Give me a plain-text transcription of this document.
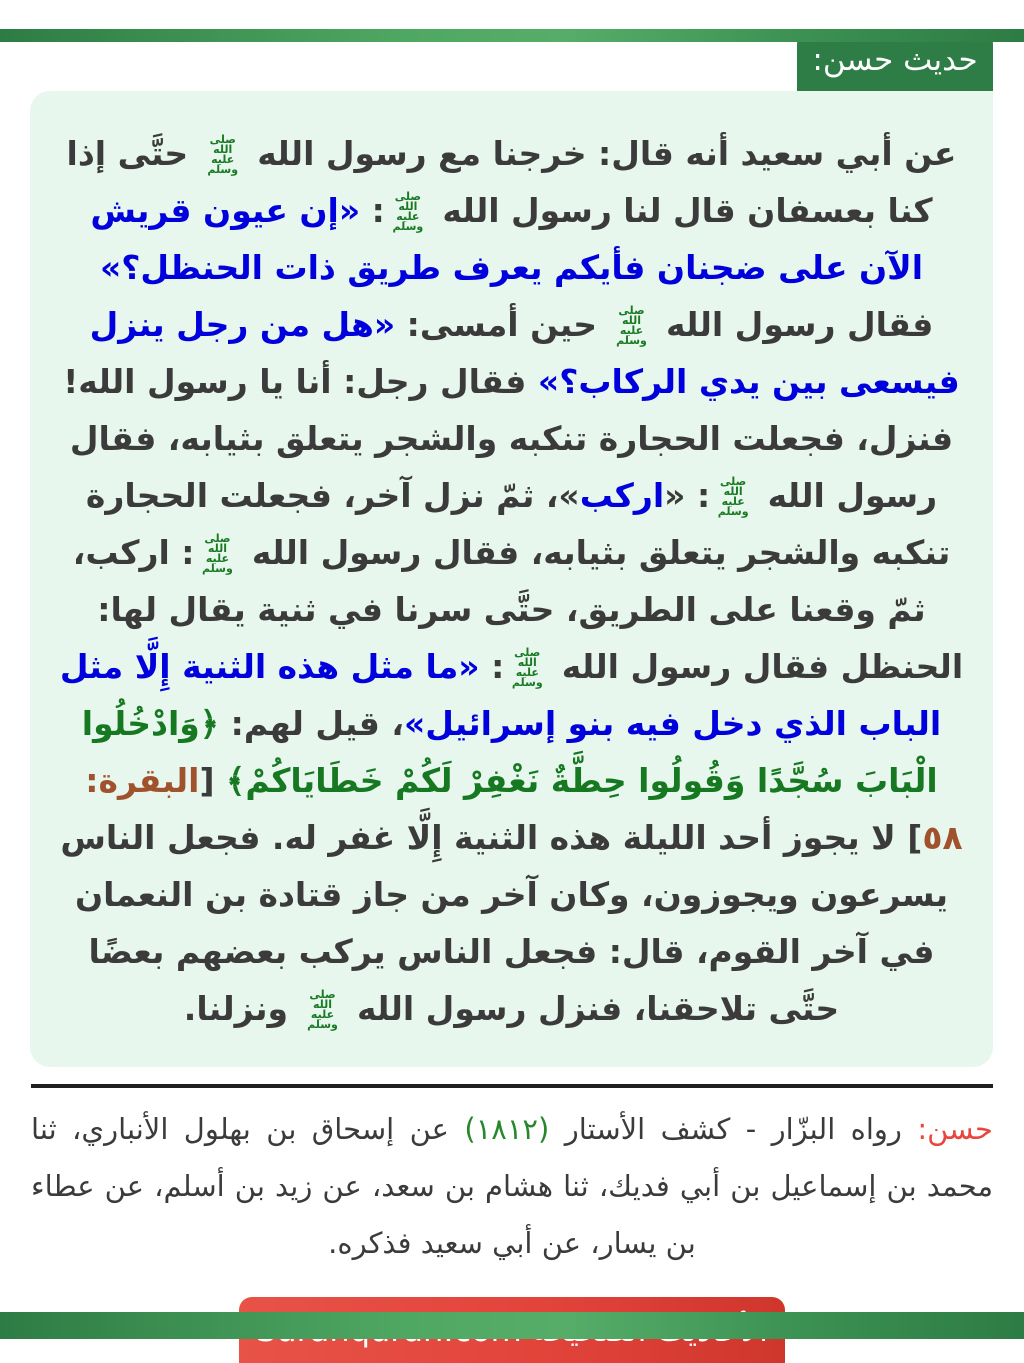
حديث حسن:

عن أبي سعيد أنه قال: خرجنا مع رسول الله صلى الله عليه وسلم حتَّى إذا كنا بعسفان قال لنا رسول الله صلى الله عليه وسلم: «إن عيون قريش الآن على ضجنان فأيكم يعرف طريق ذات الحنظل؟» فقال رسول الله صلى الله عليه وسلم حين أمسى: «هل من رجل ينزل فيسعى بين يدي الركاب؟» فقال رجل: أنا يا رسول الله! فنزل، فجعلت الحجارة تنكبه والشجر يتعلق بثيابه، فقال رسول الله صلى الله عليه وسلم: «اركب»، ثمّ نزل آخر، فجعلت الحجارة تنكبه والشجر يتعلق بثيابه، فقال رسول الله صلى الله عليه وسلم: اركب، ثمّ وقعنا على الطريق، حتَّى سرنا في ثنية يقال لها: الحنظل فقال رسول الله صلى الله عليه وسلم: «ما مثل هذه الثنية إِلَّا مثل الباب الذي دخل فيه بنو إسرائيل»، قيل لهم: ﴿وَادْخُلُوا الْبَابَ سُجَّدًا وَقُولُوا حِطَّةٌ نَغْفِرْ لَكُمْ خَطَايَاكُمْ﴾ [البقرة: ٥٨] لا يجوز أحد الليلة هذه الثنية إِلَّا غفر له. فجعل الناس يسرعون ويجوزون، وكان آخر من جاز قتادة بن النعمان في آخر القوم، قال: فجعل الناس يركب بعضهم بعضًا حتَّى تلاحقنا، فنزل رسول الله صلى الله عليه وسلم ونزلنا.

حسن: رواه البزّار - كشف الأستار (١٨١٢) عن إسحاق بن بهلول الأنباري، ثنا محمد بن إسماعيل بن أبي فديك، ثنا هشام بن سعد، عن زيد بن أسلم، عن عطاء بن يسار، عن أبي سعيد فذكره.
